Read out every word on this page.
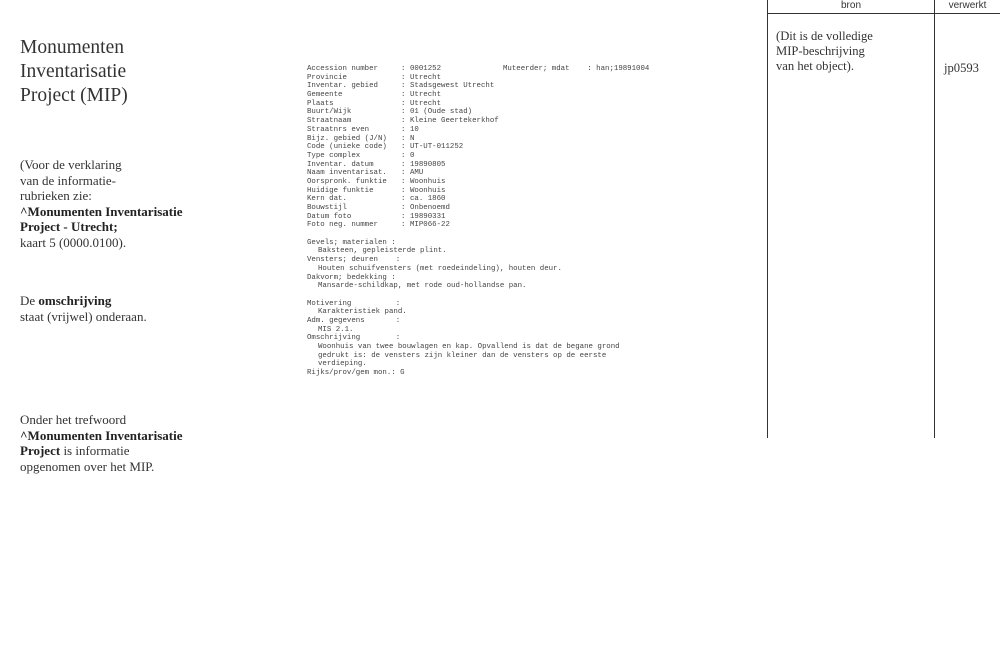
Monumenten
Inventarisatie
Project (MIP)
(Voor de verklaring
van de informatie-
rubrieken zie:
^Monumenten Inventarisatie
Project - Utrecht;
kaart 5 (0000.0100).
De omschrijving
staat (vrijwel) onderaan.
Onder het trefwoord
^Monumenten Inventarisatie
Project is informatie
opgenomen over het MIP.
Muteerder; mdat    : han;19891004
Accession number	: 0001252
Provincie	: Utrecht
Inventar. gebied	: Stadsgewest Utrecht
Gemeente	: Utrecht
Plaats	: Utrecht
Buurt/Wijk	: 01 (Oude stad)
Straatnaam	: Kleine Geertekerkhof
Straatnrs even	: 10
Bijz. gebied (J/N)	: N
Code (unieke code)	: UT-UT-011252
Type complex	: 0
Inventar. datum	: 19890805
Naam inventarisat.	: AMU
Oorspronk. funktie	: Woonhuis
Huidige funktie	: Woonhuis
Kern dat.	: ca. 1860
Bouwstijl	: Onbenoemd
Datum foto	: 19890331
Foto neg. nummer	: MIP066-22
Gevels; materialen :
Baksteen, gepleisterde plint.
Vensters; deuren    :
Houten schuifvensters (met roedeindeling), houten deur.
Dakvorm; bedekking :
Mansarde-schildkap, met rode oud-hollandse pan.
Motivering          :
Karakteristiek pand.
Adm. gegevens       :
MIS 2.1.
Omschrijving        :
Woonhuis van twee bouwlagen en kap. Opvallend is dat de begane grond
gedrukt is: de vensters zijn kleiner dan de vensters op de eerste
verdieping.
Rijks/prov/gem mon.: G
bron	verwerkt
(Dit is de volledige
MIP-beschrijving
van het object).	jp0593
